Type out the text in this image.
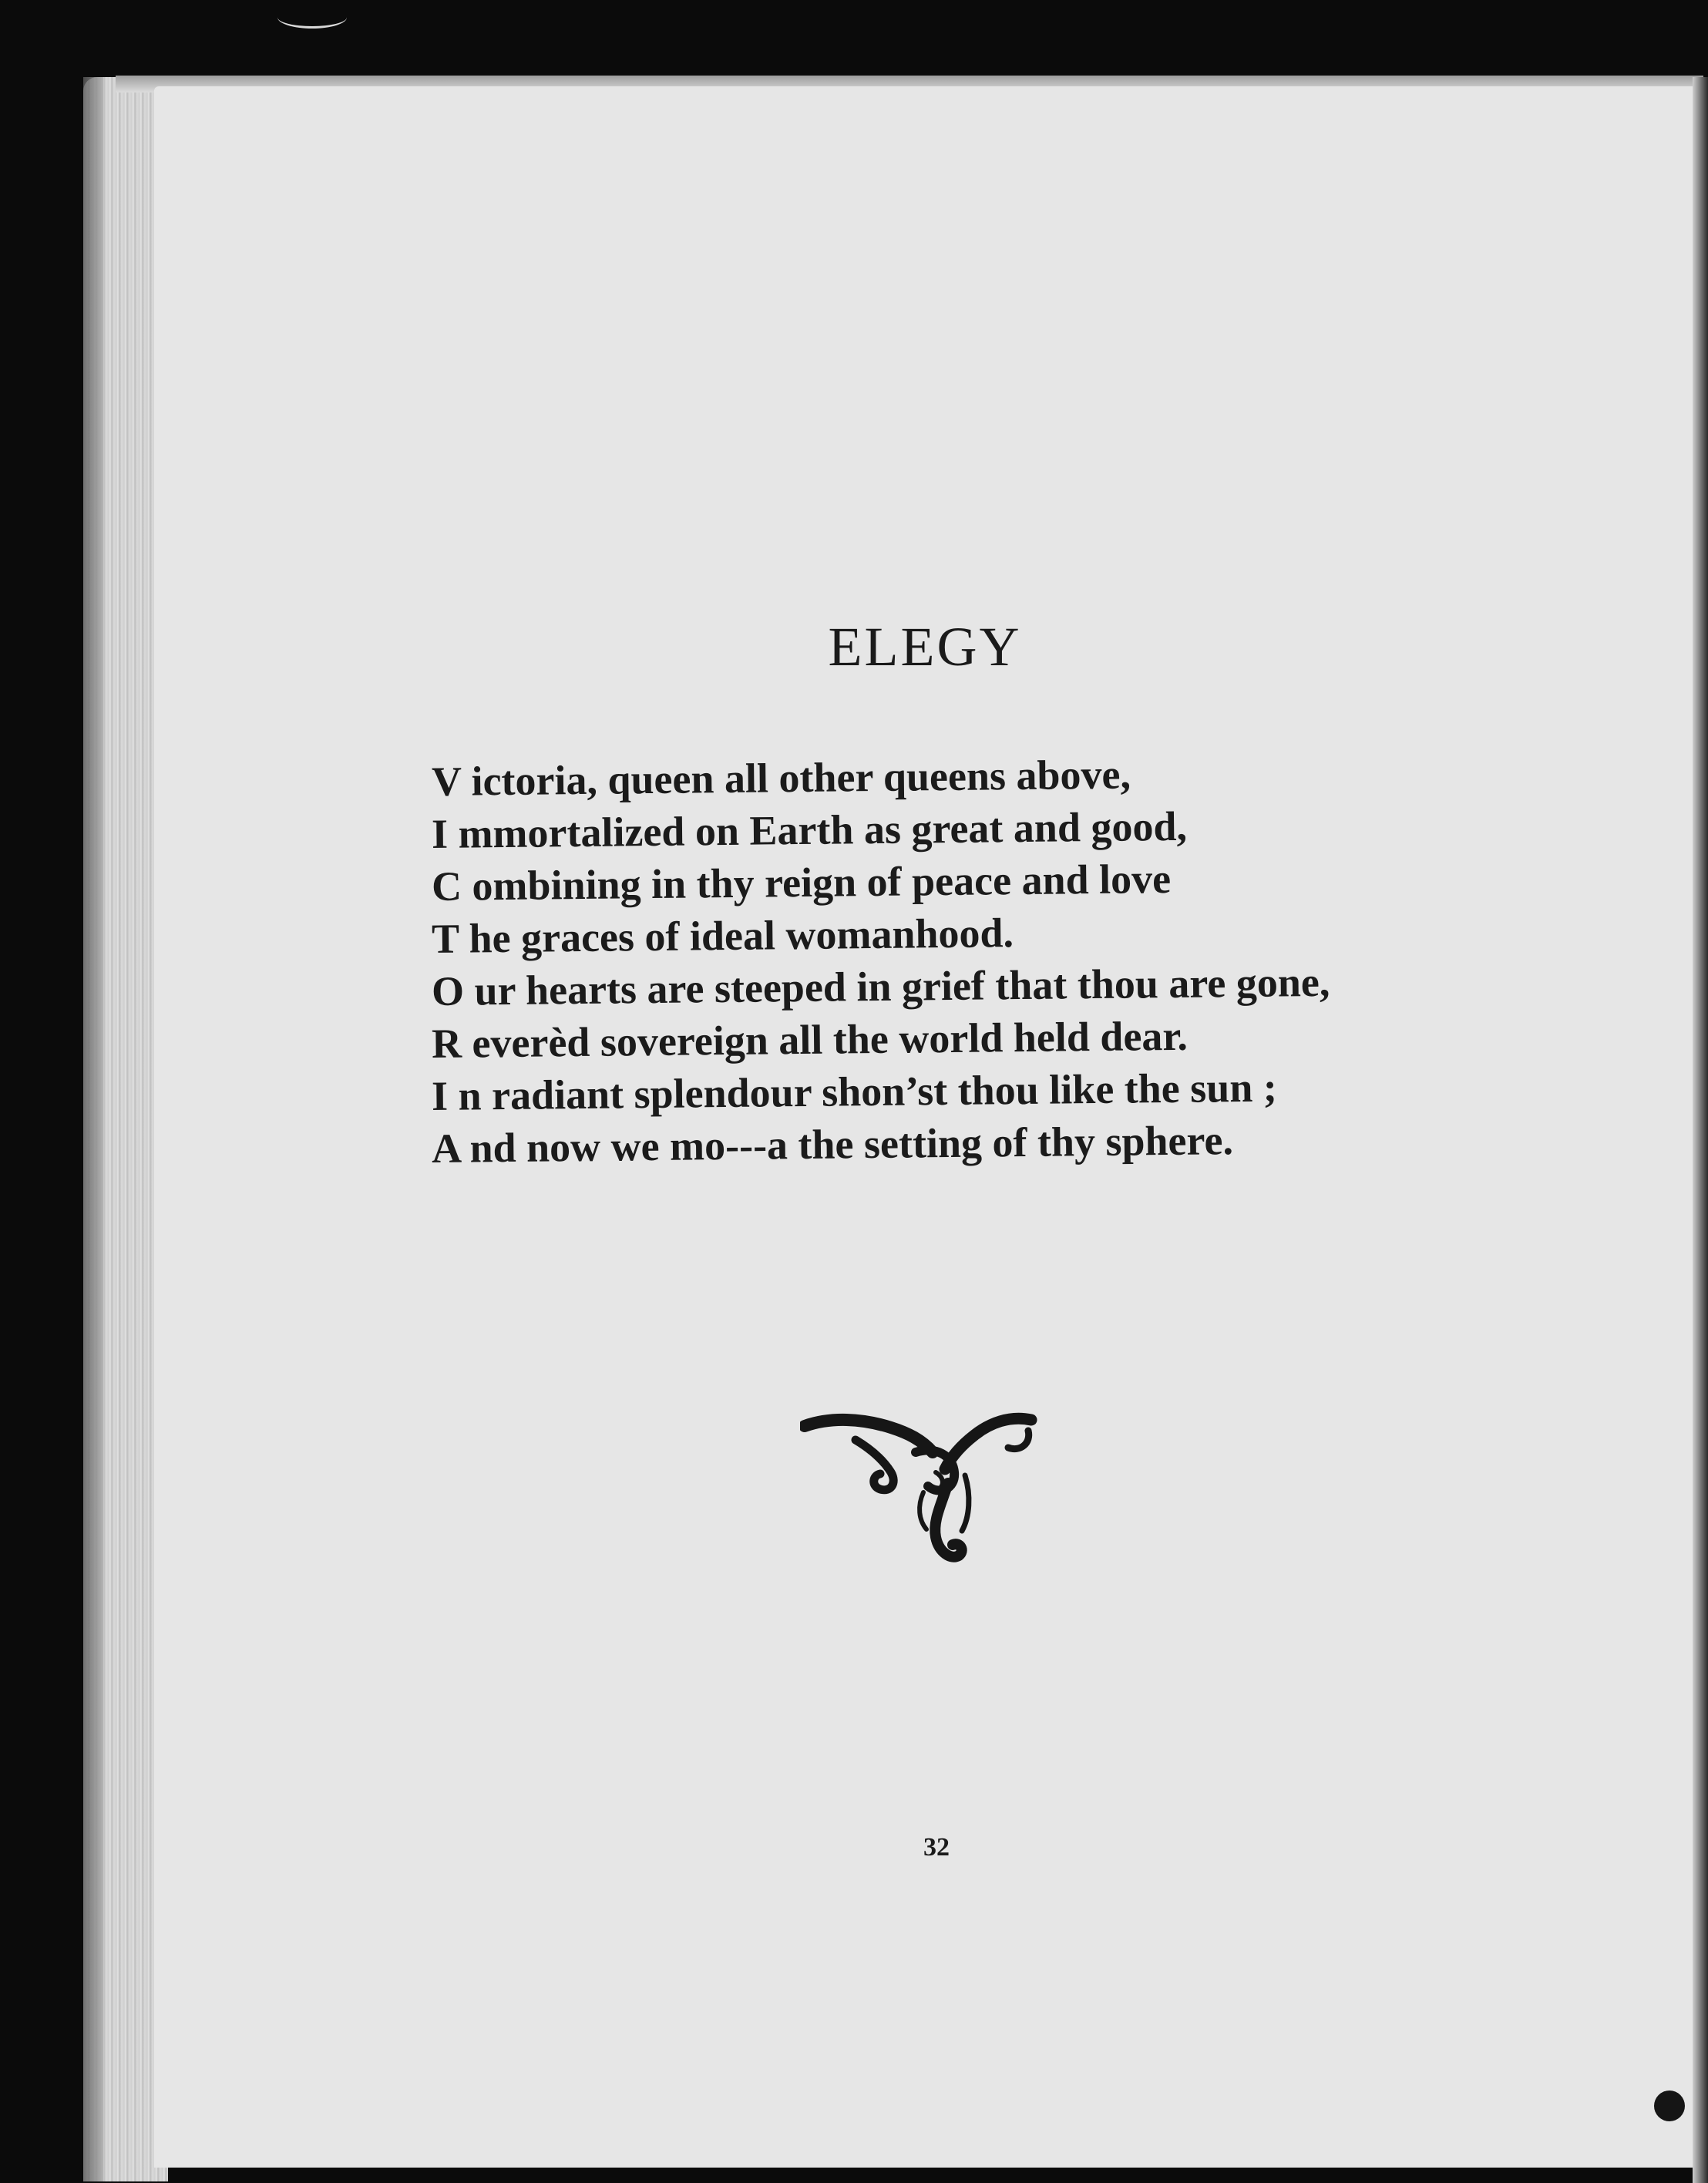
ELEGY
V ictoria, queen all other queens above,
I mmortalized on Earth as great and good,
C ombining in thy reign of peace and love
T he graces of ideal womanhood.
O ur hearts are steeped in grief that thou are gone,
R everèd sovereign all the world held dear.
I n radiant splendour shon’st thou like the sun ;
A nd now we mo‑‑‑a the setting of thy sphere.
32
